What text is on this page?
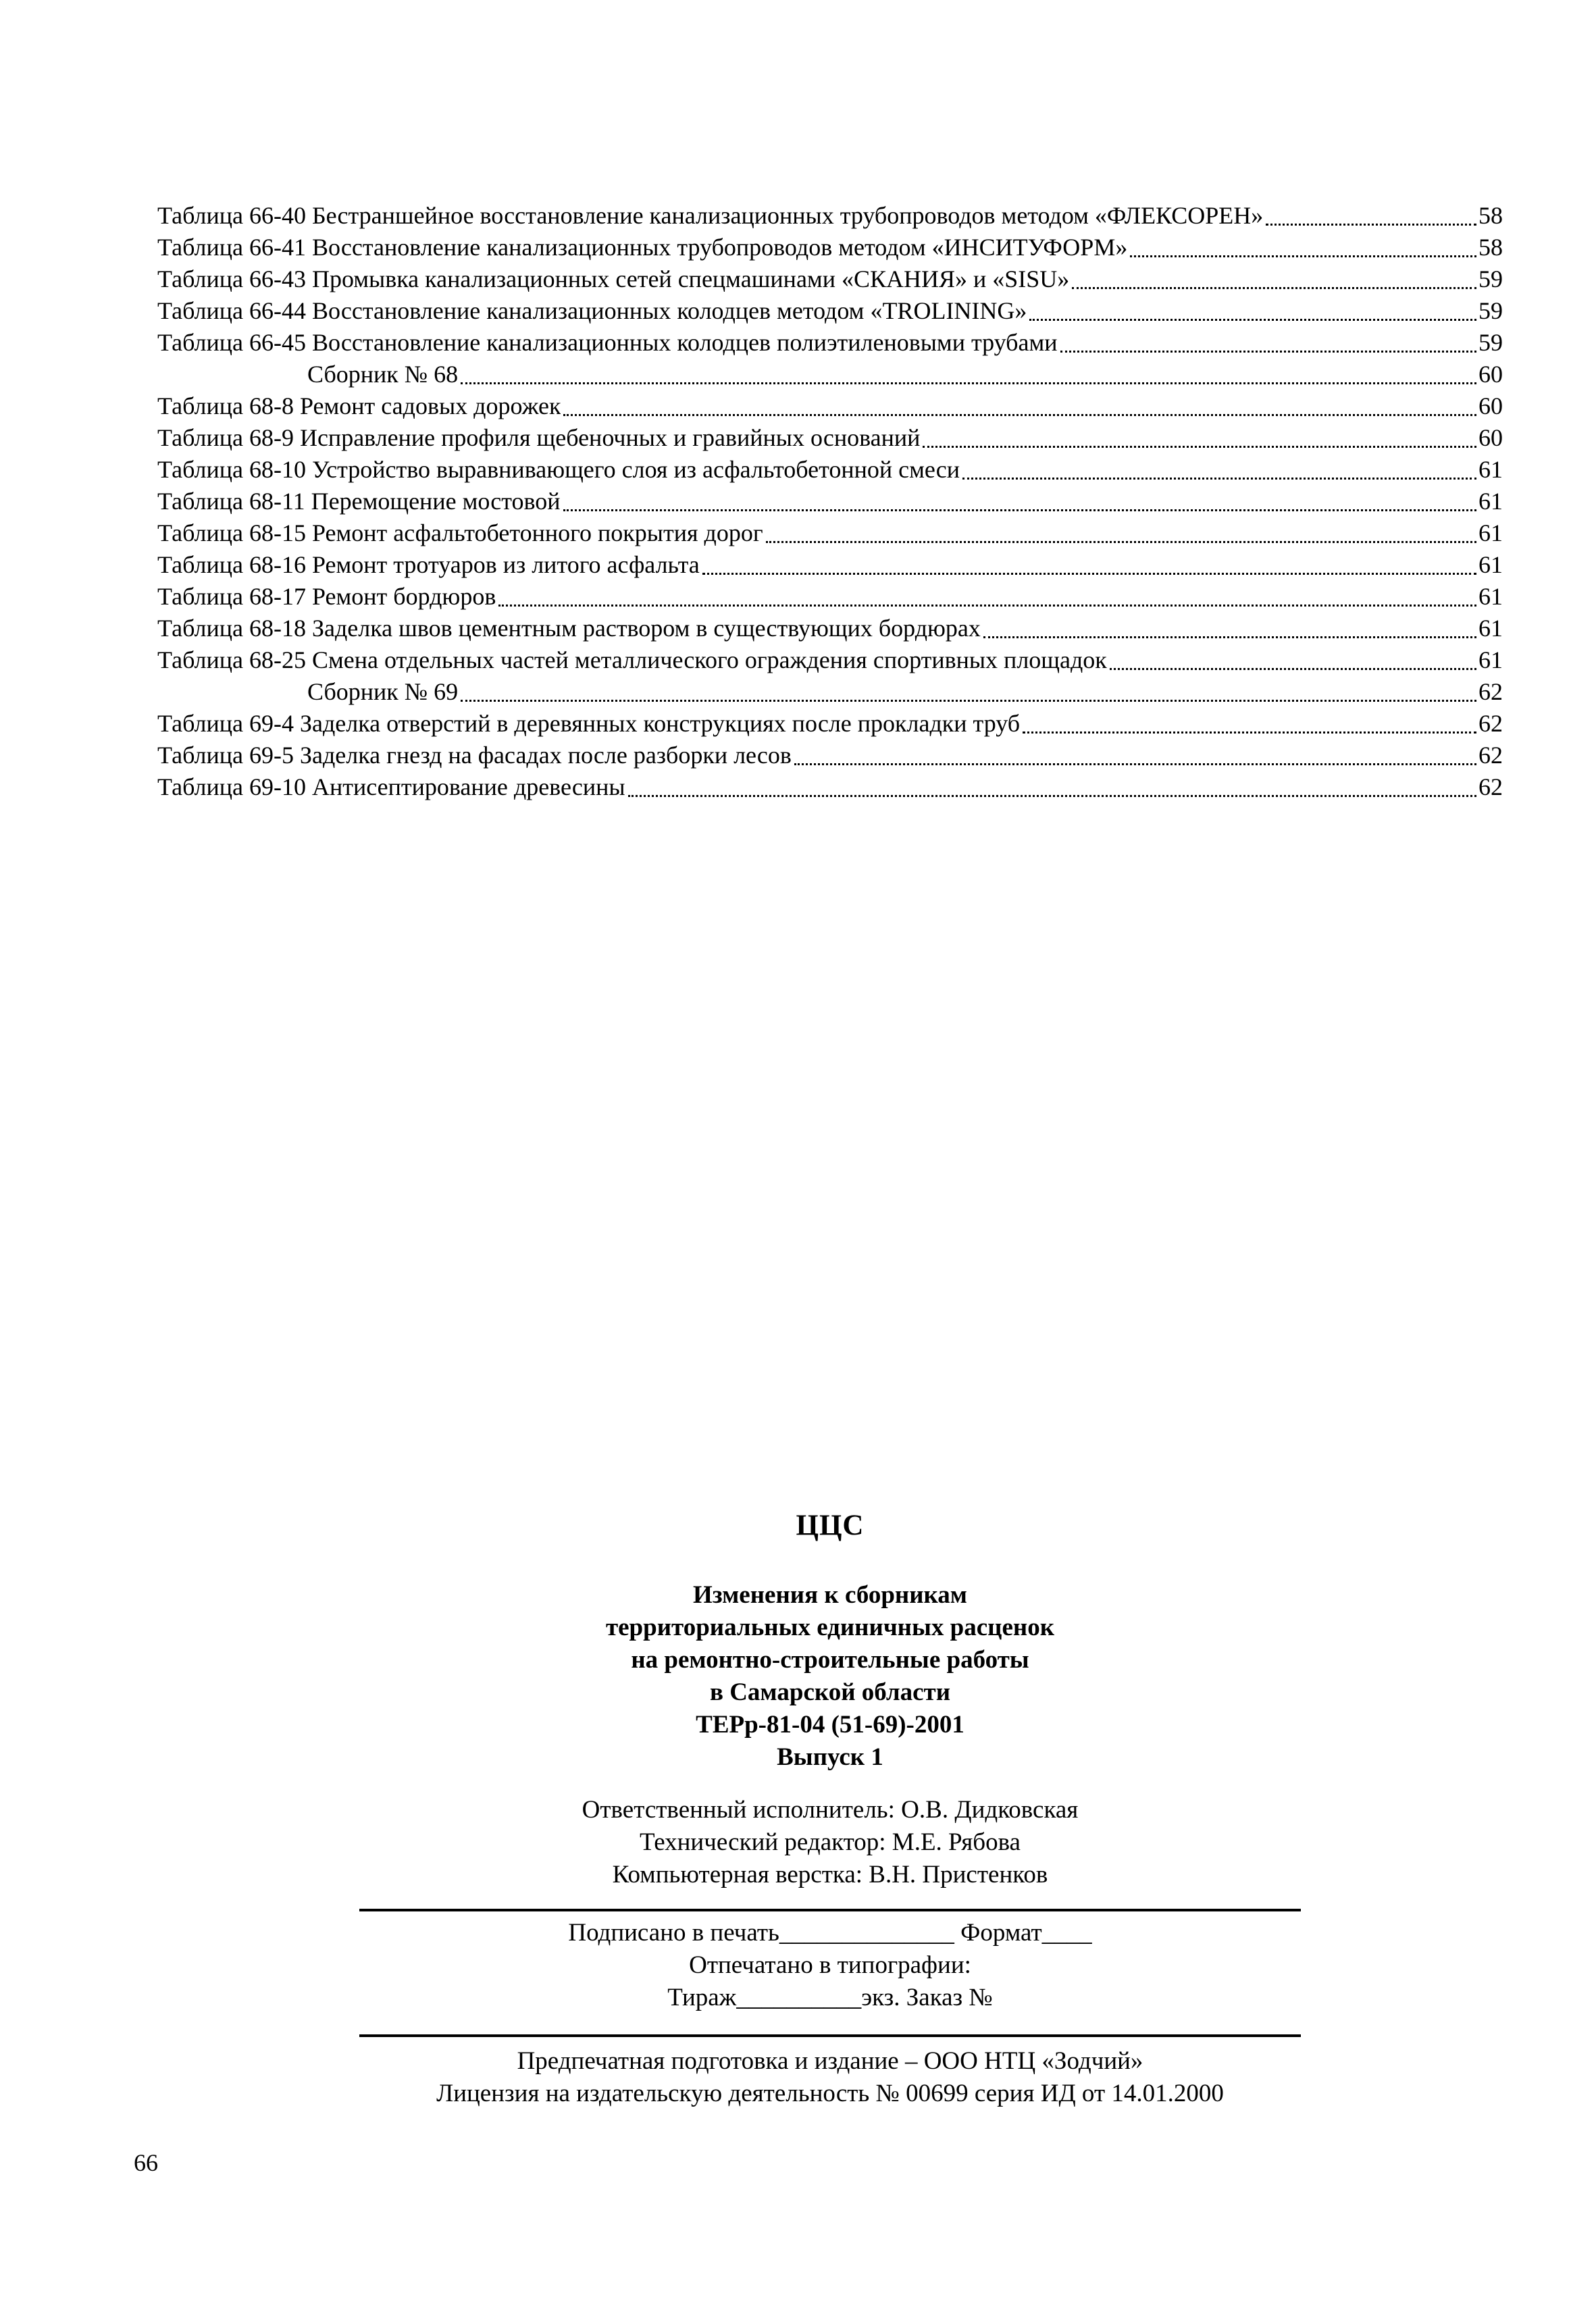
Таблица 66-40 Бестраншейное восстановление канализационных трубопроводов методом «ФЛЕКСОРЕН»	58
Таблица 66-41 Восстановление канализационных трубопроводов методом «ИНСИТУФОРМ»	58
Таблица 66-43 Промывка канализационных сетей спецмашинами «СКАНИЯ» и «SISU»	59
Таблица 66-44 Восстановление канализационных колодцев методом «TROLINING»	59
Таблица 66-45 Восстановление канализационных колодцев полиэтиленовыми трубами	59
Сборник № 68	60
Таблица 68-8 Ремонт садовых дорожек	60
Таблица 68-9 Исправление профиля щебеночных и гравийных оснований	60
Таблица 68-10 Устройство выравнивающего слоя из асфальтобетонной смеси	61
Таблица 68-11 Перемощение мостовой	61
Таблица 68-15 Ремонт асфальтобетонного покрытия дорог	61
Таблица 68-16 Ремонт тротуаров из литого асфальта	61
Таблица 68-17 Ремонт бордюров	61
Таблица 68-18 Заделка швов цементным раствором в существующих бордюрах	61
Таблица 68-25 Смена отдельных частей металлического ограждения спортивных площадок	61
Сборник № 69	62
Таблица 69-4 Заделка отверстий в деревянных конструкциях после прокладки труб	62
Таблица 69-5 Заделка гнезд на фасадах после разборки лесов	62
Таблица 69-10 Антисептирование древесины	62
ЦЦС
Изменения к сборникам
территориальных единичных расценок
на ремонтно-строительные работы
в Самарской области
ТЕРр-81-04 (51-69)-2001
Выпуск 1
Ответственный исполнитель: О.В. Дидковская
Технический редактор: М.Е. Рябова
Компьютерная верстка: В.Н. Пристенков
Подписано в печать______________ Формат____
Отпечатано в типографии:
Тираж__________экз. Заказ №
Предпечатная подготовка и издание – ООО НТЦ «Зодчий»
Лицензия на издательскую деятельность № 00699 серия ИД от 14.01.2000
66
